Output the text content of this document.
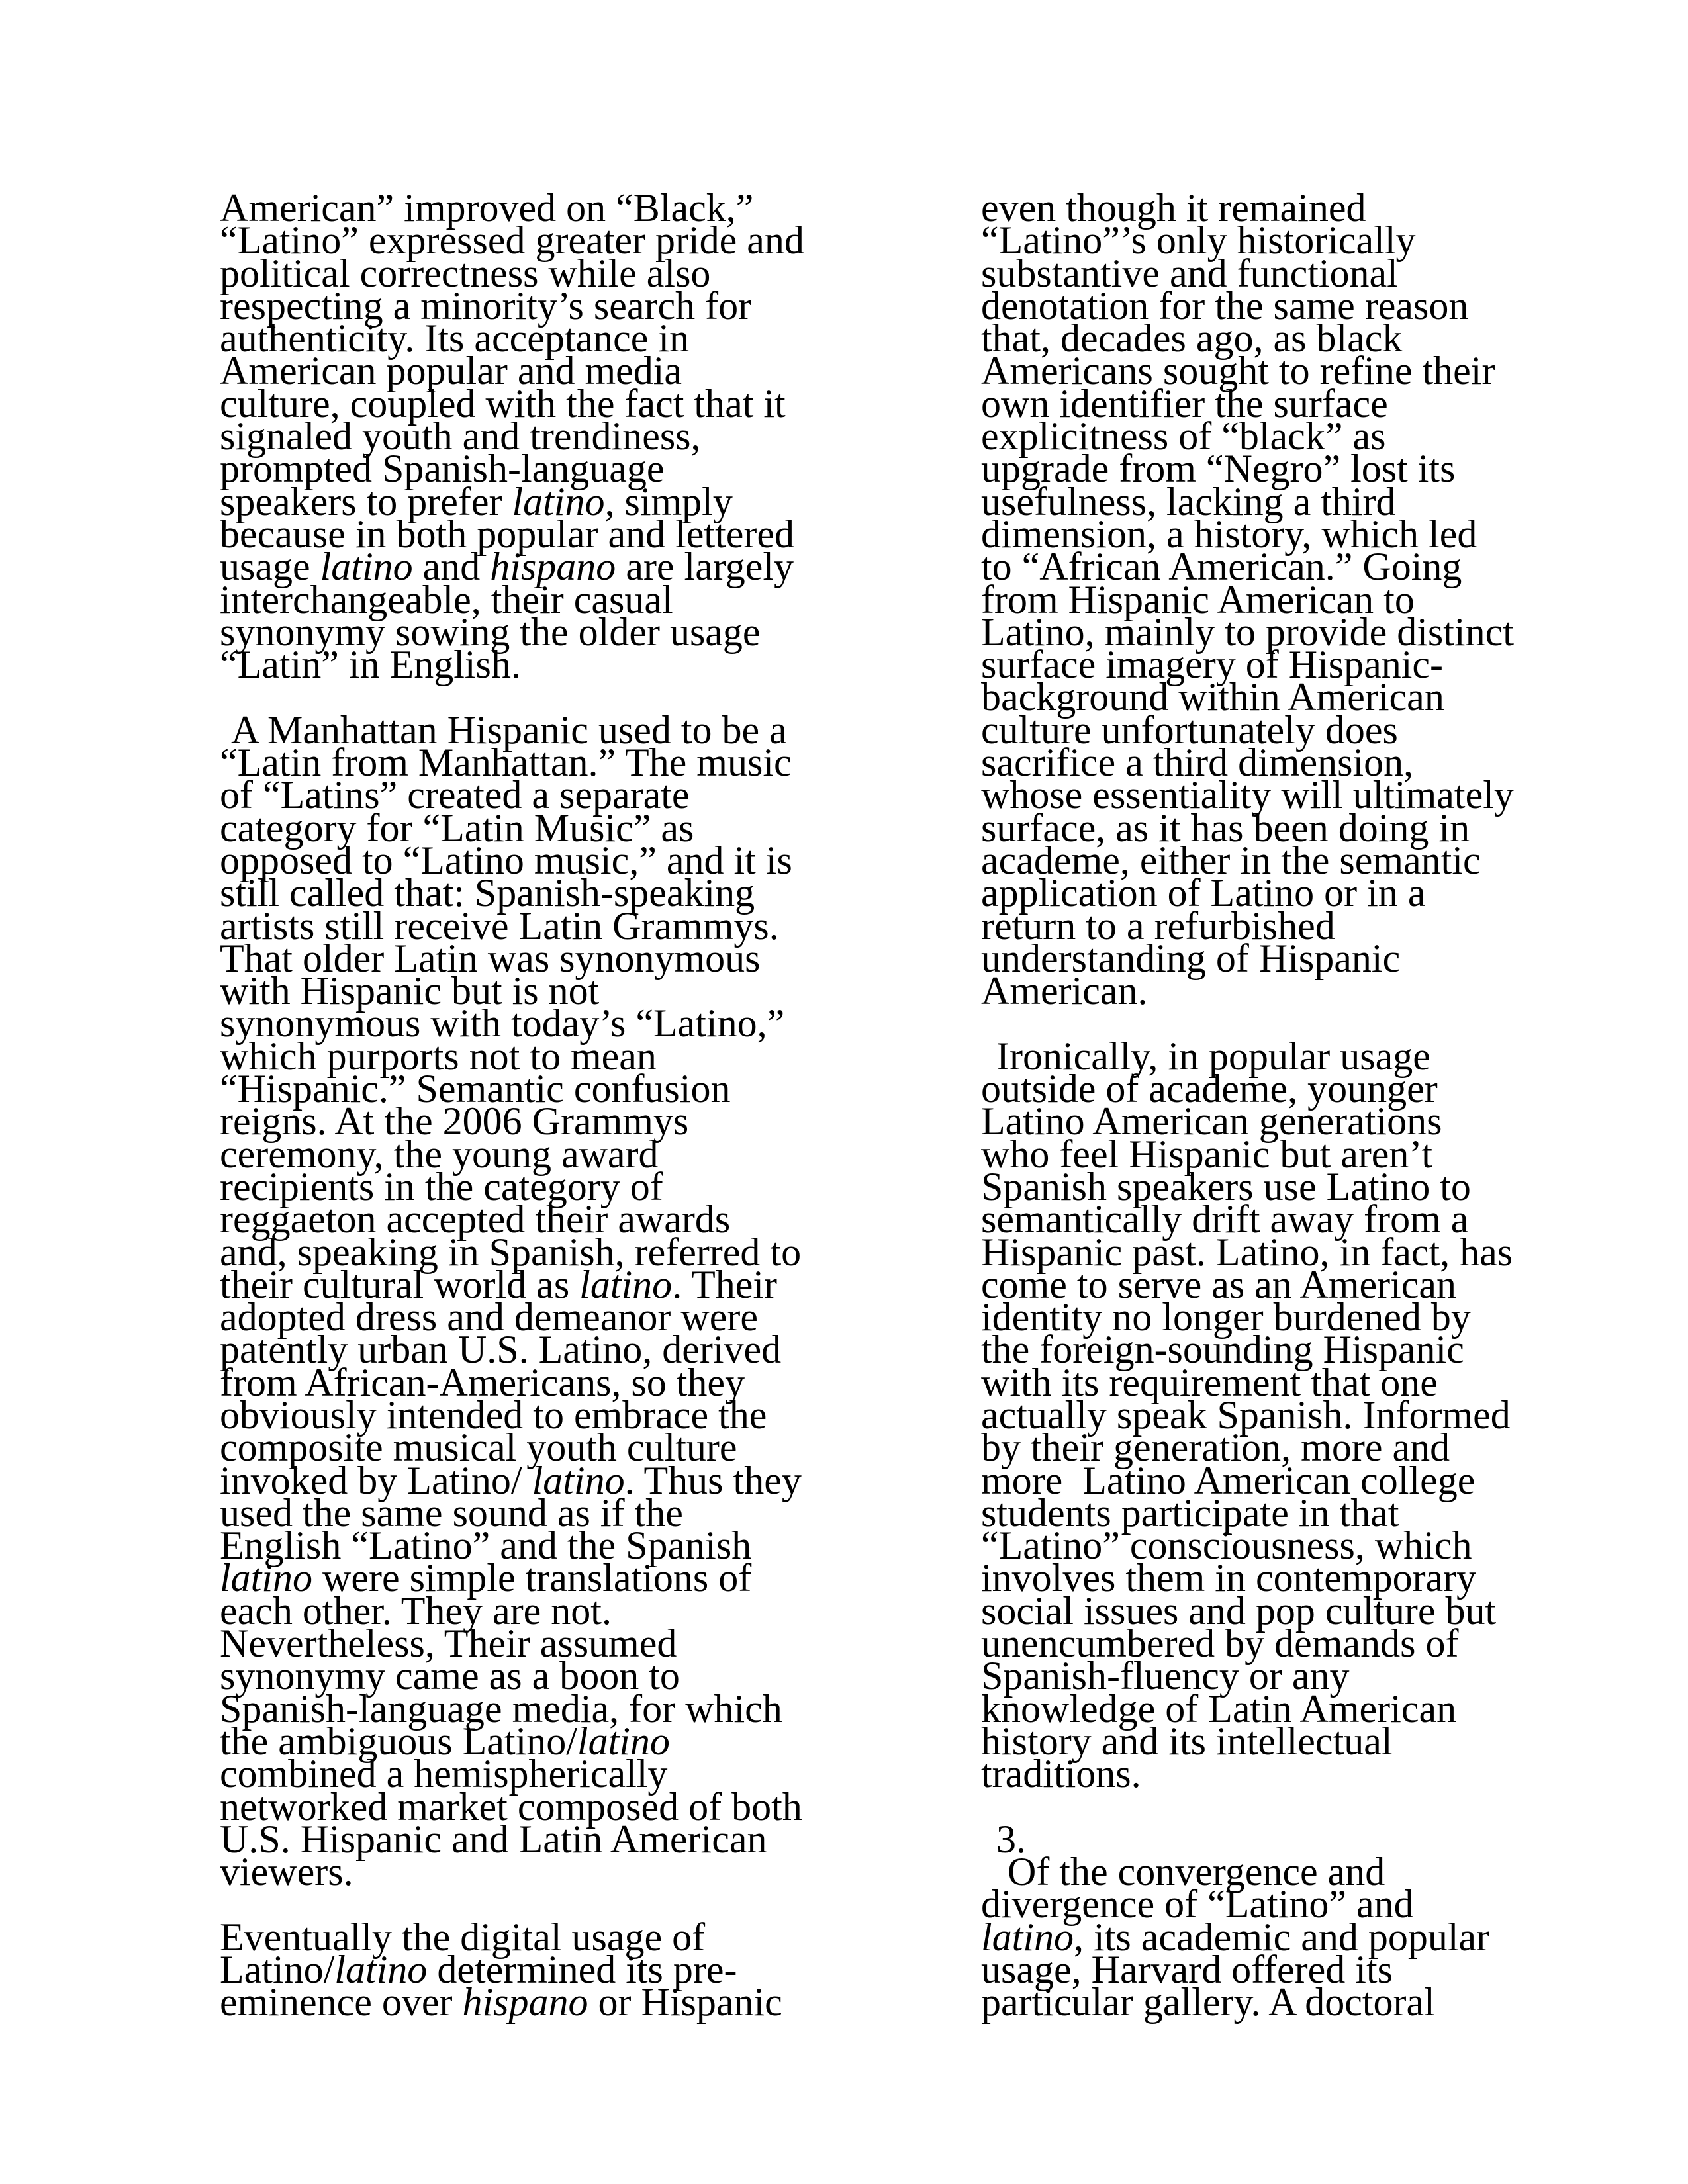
American” improved on “Black,”
“Latino” expressed greater pride and
political correctness while also
respecting a minority’s search for
authenticity. Its acceptance in
American popular and media
culture, coupled with the fact that it
signaled youth and trendiness,
prompted Spanish-language
speakers to prefer latino, simply
because in both popular and lettered
usage latino and hispano are largely
interchangeable, their casual
synonymy sowing the older usage
“Latin” in English.
A Manhattan Hispanic used to be a
“Latin from Manhattan.” The music
of “Latins” created a separate
category for “Latin Music” as
opposed to “Latino music,” and it is
still called that: Spanish-speaking
artists still receive Latin Grammys.
That older Latin was synonymous
with Hispanic but is not
synonymous with today’s “Latino,”
which purports not to mean
“Hispanic.” Semantic confusion
reigns. At the 2006 Grammys
ceremony, the young award
recipients in the category of
reggaeton accepted their awards
and, speaking in Spanish, referred to
their cultural world as latino. Their
adopted dress and demeanor were
patently urban U.S. Latino, derived
from African-Americans, so they
obviously intended to embrace the
composite musical youth culture
invoked by Latino/ latino. Thus they
used the same sound as if the
English “Latino” and the Spanish
latino were simple translations of
each other. They are not.
Nevertheless, Their assumed
synonymy came as a boon to
Spanish-language media, for which
the ambiguous Latino/latino
combined a hemispherically
networked market composed of both
U.S. Hispanic and Latin American
viewers.
Eventually the digital usage of
Latino/latino determined its pre-
eminence over hispano or Hispanic
even though it remained
“Latino”’s only historically
substantive and functional
denotation for the same reason
that, decades ago, as black
Americans sought to refine their
own identifier the surface
explicitness of “black” as
upgrade from “Negro” lost its
usefulness, lacking a third
dimension, a history, which led
to “African American.” Going
from Hispanic American to
Latino, mainly to provide distinct
surface imagery of Hispanic-
background within American
culture unfortunately does
sacrifice a third dimension,
whose essentiality will ultimately
surface, as it has been doing in
academe, either in the semantic
application of Latino or in a
return to a refurbished
understanding of Hispanic
American.
Ironically, in popular usage
outside of academe, younger
Latino American generations
who feel Hispanic but aren’t
Spanish speakers use Latino to
semantically drift away from a
Hispanic past. Latino, in fact, has
come to serve as an American
identity no longer burdened by
the foreign-sounding Hispanic
with its requirement that one
actually speak Spanish. Informed
by their generation, more and
more  Latino American college
students participate in that
“Latino” consciousness, which
involves them in contemporary
social issues and pop culture but
unencumbered by demands of
Spanish-fluency or any
knowledge of Latin American
history and its intellectual
traditions.
3.
Of the convergence and
divergence of “Latino” and
latino, its academic and popular
usage, Harvard offered its
particular gallery. A doctoral
